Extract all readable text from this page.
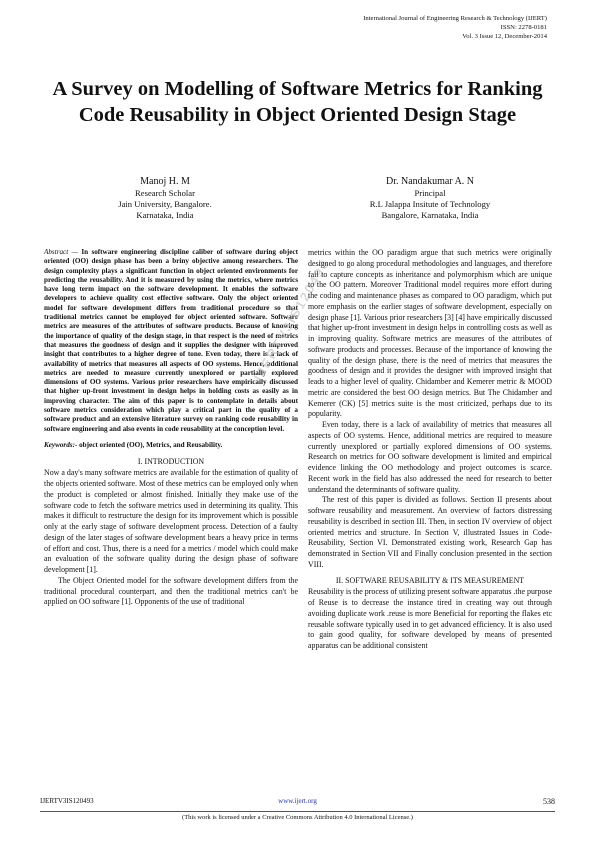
International Journal of Engineering Research & Technology (IJERT)
ISSN: 2278-0181
Vol. 3 Issue 12, December-2014
A Survey on Modelling of Software Metrics for Ranking Code Reusability in Object Oriented Design Stage
Manoj H. M
Research Scholar
Jain University, Bangalore.
Karnataka, India
Dr. Nandakumar A. N
Principal
R.L Jalappa Insitute of Technology
Bangalore, Karnataka, India

Abstract — In software engineering discipline caliber of software during object oriented (OO) design phase has been a briny objective among researchers. The design complexity plays a significant function in object oriented environments for predicting the reusability. And it is measured by using the metrics, where metrics have long term impact on the software development. It enables the software developers to achieve quality cost effective software. Only the object oriented model for software development differs from traditional procedure so that traditional metrics cannot be employed for object oriented software. Software metrics are measures of the attributes of software products. Because of knowing the importance of quality of the design stage, in that respect is the need of metrics that measures the goodness of design and it supplies the designer with improved insight that contributes to a higher degree of tone. Even today, there is a lack of availability of metrics that measures all aspects of OO systems. Hence, additional metrics are needed to measure currently unexplored or partially explored dimensions of OO systems. Various prior researchers have empirically discussed that higher up-front investment in design helps in holding costs as easily as in improving character. The aim of this paper is to contemplate in details about software metrics consideration which play a critical part in the quality of a software product and an extensive literature survey on ranking code reusability in software engineering and also events in code reusability at the conception level.

Keywords:- object oriented (OO), Metrics, and Reusability.

I. INTRODUCTION

Now a day's many software metrics are available for the estimation of quality of the objects oriented software. Most of these metrics can be employed only when the product is completed or almost finished. Initially they make use of the software code to fetch the software metrics used in determining its quality. This makes it difficult to restructure the design for its improvement which is possible only at the early stage of software development process. Detection of a faulty design of the later stages of software development bears a heavy price in terms of effort and cost. Thus, there is a need for a metrics / model which could make an evaluation of the software quality during the design phase of software development [1].

The Object Oriented model for the software development differs from the traditional procedural counterpart, and then the traditional metrics can't be applied on OO software [1]. Opponents of the use of traditional

IJERTV3IS120493

metrics within the OO paradigm argue that such metrics were originally designed to go along procedural methodologies and languages, and therefore fail to capture concepts as inheritance and polymorphism which are unique to the OO pattern. Moreover Traditional model requires more effort during the coding and maintenance phases as compared to OO paradigm, which put more emphasis on the earlier stages of software development, especially on design phase [1]. Various prior researchers [3] [4] have empirically discussed that higher up-front investment in design helps in controlling costs as well as in improving quality. Software metrics are measures of the attributes of software products and processes. Because of the importance of knowing the quality of the design phase, there is the need of metrics that measures the goodness of design and it provides the designer with improved insight that leads to a higher level of quality. Chidamber and Kemerer metric & MOOD metric are considered the best OO design metrics. But The Chidamber and Kemerer (CK) [5] metrics suite is the most criticized, perhaps due to its popularity.

Even today, there is a lack of availability of metrics that measures all aspects of OO systems. Hence, additional metrics are required to measure currently unexplored or partially explored dimensions of OO systems. Research on metrics for OO software development is limited and empirical evidence linking the OO methodology and project outcomes is scarce. Recent work in the field has also addressed the need for research to better understand the determinants of software quality.

The rest of this paper is divided as follows. Section II presents about software reusability and measurement. An overview of factors distressing reusability is described in section III. Then, in section IV overview of object oriented metrics and structure. In Section V, illustrated Issues in Code-Reusability, Section VI. Demonstrated existing work, Research Gap has demonstrated in Section VII and Finally conclusion presented in the section VIII.

II. SOFTWARE REUSABILITY & ITS MEASUREMENT

Reusability is the process of utilizing present software apparatus .the purpose of Reuse is to decrease the instance tired in creating way out through avoiding duplicate work .reuse is more Beneficial for reporting the flakes etc reusable software typically used in to get advanced efficiency. It is also used to gain good quality, for software developed by means of presented apparatus can be additional consistent

IJERTV3IS120493	www.ijert.org	538
(This work is licensed under a Creative Commons Attribution 4.0 International License.)
